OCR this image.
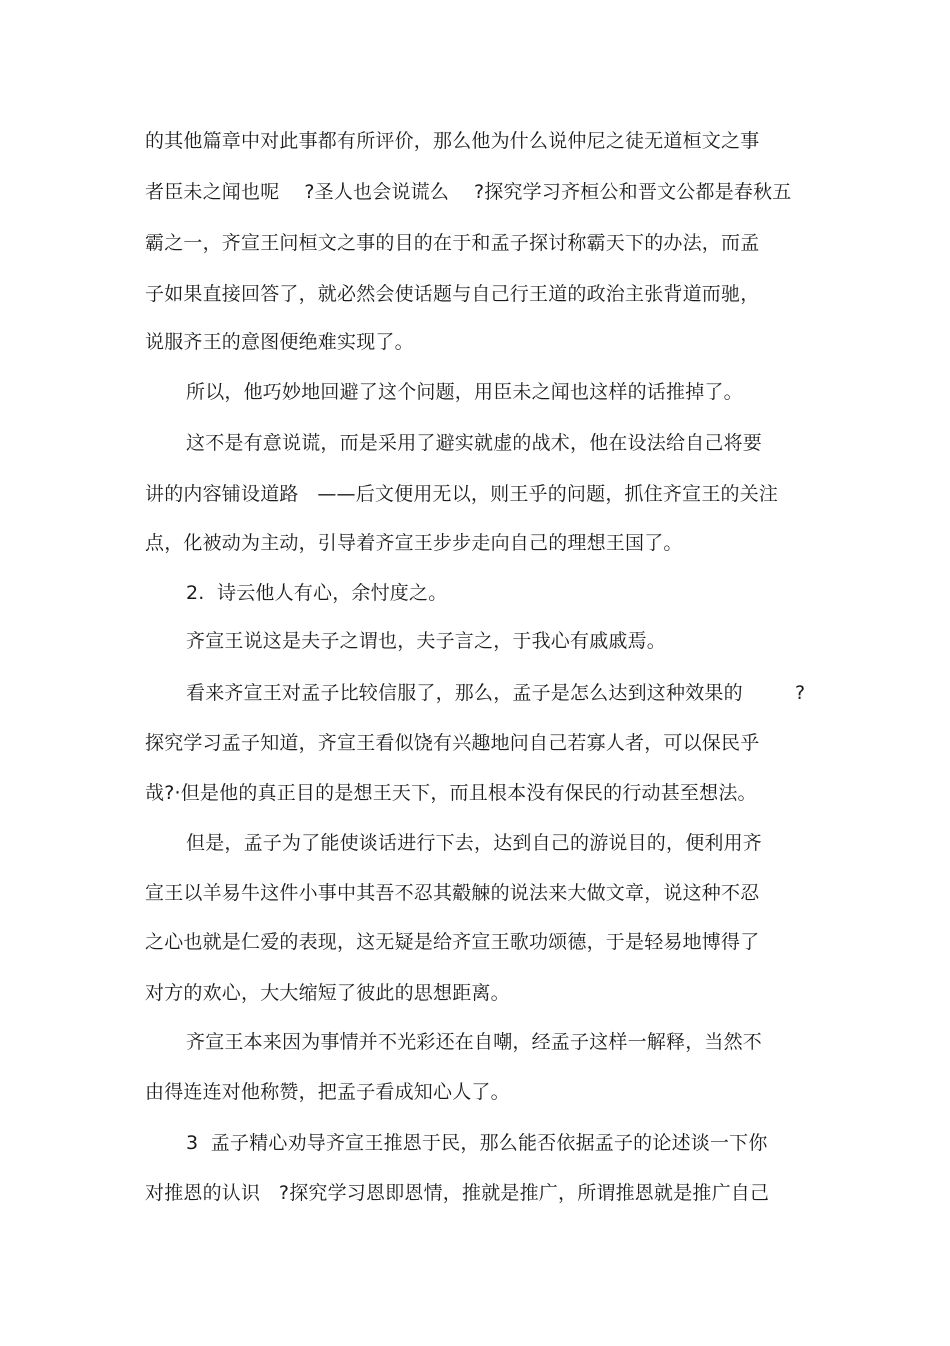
的其他篇章中对此事都有所评价，那么他为什么说仲尼之徒无道桓文之事
者臣未之闻也呢    ?圣人也会说谎么    ?探究学习齐桓公和晋文公都是春秋五
霸之一，齐宣王问桓文之事的目的在于和孟子探讨称霸天下的办法，而孟
子如果直接回答了，就必然会使话题与自己行王道的政治主张背道而驰，
说服齐王的意图便绝难实现了。
所以，他巧妙地回避了这个问题，用臣未之闻也这样的话推掉了。
这不是有意说谎，而是采用了避实就虚的战术，他在设法给自己将要
讲的内容铺设道路   ——后文便用无以，则王乎的问题，抓住齐宣王的关注
点，化被动为主动，引导着齐宣王步步走向自己的理想王国了。
2.  诗云他人有心，余忖度之。
齐宣王说这是夫子之谓也，夫子言之，于我心有戚戚焉。
看来齐宣王对孟子比较信服了，那么，孟子是怎么达到这种效果的	?
探究学习孟子知道，齐宣王看似饶有兴趣地问自己若寡人者，可以保民乎
哉?·但是他的真正目的是想王天下，而且根本没有保民的行动甚至想法。
但是，孟子为了能使谈话进行下去，达到自己的游说目的，便利用齐
宣王以羊易牛这件小事中其吾不忍其觳觫的说法来大做文章，说这种不忍
之心也就是仁爱的表现，这无疑是给齐宣王歌功颂德，于是轻易地博得了
对方的欢心，大大缩短了彼此的思想距离。
齐宣王本来因为事情并不光彩还在自嘲，经孟子这样一解释，当然不
由得连连对他称赞，把孟子看成知心人了。
3  孟子精心劝导齐宣王推恩于民，那么能否依据孟子的论述谈一下你
对推恩的认识   ?探究学习恩即恩情，推就是推广，所谓推恩就是推广自己
